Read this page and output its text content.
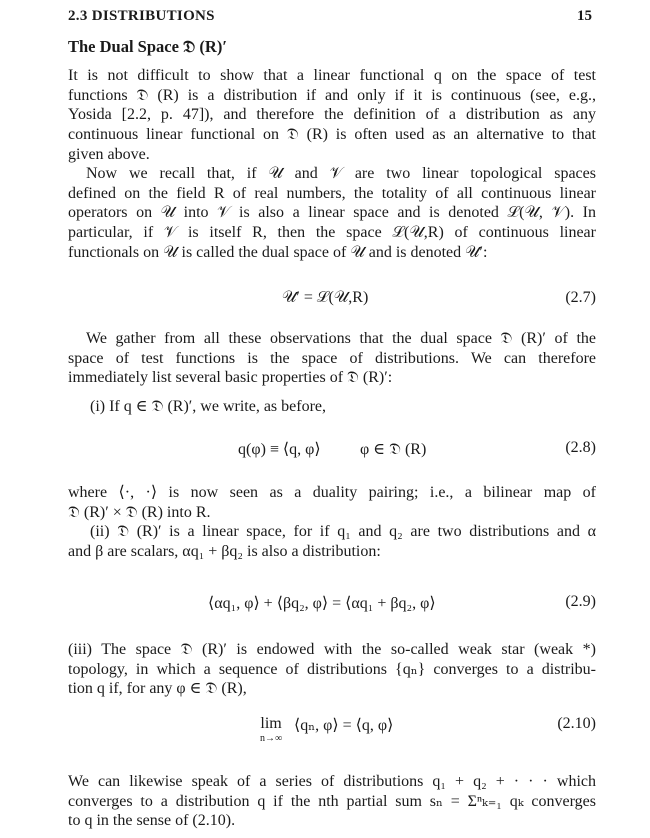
2.3 DISTRIBUTIONS	15
The Dual Space 𝔇 (R)′
It is not difficult to show that a linear functional q on the space of test
functions 𝔇 (R) is a distribution if and only if it is continuous (see, e.g.,
Yosida [2.2, p. 47]), and therefore the definition of a distribution as any
continuous linear functional on 𝔇 (R) is often used as an alternative to that
given above.
Now we recall that, if 𝒰 and 𝒱 are two linear topological spaces
defined on the field R of real numbers, the totality of all continuous linear
operators on 𝒰 into 𝒱 is also a linear space and is denoted ℒ(𝒰, 𝒱). In
particular, if 𝒱 is itself R, then the space ℒ(𝒰,R) of continuous linear
functionals on 𝒰 is called the dual space of 𝒰 and is denoted 𝒰′:
𝒰′ = ℒ(𝒰,R)	(2.7)
We gather from all these observations that the dual space 𝔇 (R)′ of the
space of test functions is the space of distributions. We can therefore
immediately list several basic properties of 𝔇 (R)′:
(i) If q ∈ 𝔇 (R)′, we write, as before,
q(φ) ≡ ⟨q, φ⟩ φ ∈ 𝔇 (R)	(2.8)
where ⟨·, ·⟩ is now seen as a duality pairing; i.e., a bilinear map of
𝔇 (R)′ × 𝔇 (R) into R.
(ii) 𝔇 (R)′ is a linear space, for if q₁ and q₂ are two distributions and α
and β are scalars, αq₁ + βq₂ is also a distribution:
⟨αq₁, φ⟩ + ⟨βq₂, φ⟩ = ⟨αq₁ + βq₂, φ⟩	(2.9)
(iii) The space 𝔇 (R)′ is endowed with the so-called weak star (weak *)
topology, in which a sequence of distributions {qₙ} converges to a distribu-
tion q if, for any φ ∈ 𝔇 (R),
lim
$^{n\to\infty}$
⟨qₙ, φ⟩ = ⟨q, φ⟩	(2.10)
We can likewise speak of a series of distributions q₁ + q₂ + · · · which
converges to a distribution q if the nth partial sum sₙ = Σⁿₖ₌₁ qₖ converges
to q in the sense of (2.10).
